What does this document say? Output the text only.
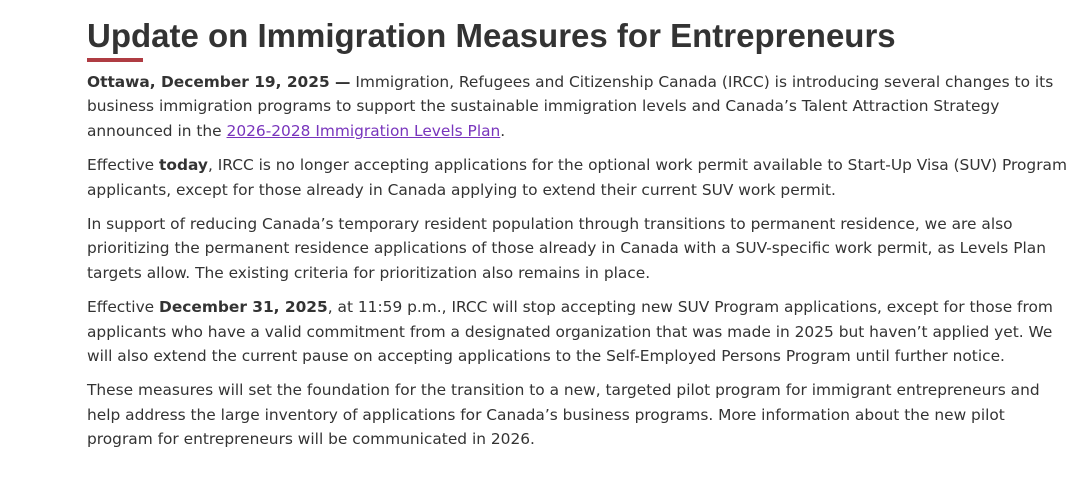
Update on Immigration Measures for Entrepreneurs

Ottawa, December 19, 2025 — Immigration, Refugees and Citizenship Canada (IRCC) is introducing several changes to its business immigration programs to support the sustainable immigration levels and Canada’s Talent Attraction Strategy announced in the 2026-2028 Immigration Levels Plan.

Effective today, IRCC is no longer accepting applications for the optional work permit available to Start-Up Visa (SUV) Program applicants, except for those already in Canada applying to extend their current SUV work permit.

In support of reducing Canada’s temporary resident population through transitions to permanent residence, we are also prioritizing the permanent residence applications of those already in Canada with a SUV-specific work permit, as Levels Plan targets allow. The existing criteria for prioritization also remains in place.

Effective December 31, 2025, at 11:59 p.m., IRCC will stop accepting new SUV Program applications, except for those from applicants who have a valid commitment from a designated organization that was made in 2025 but haven’t applied yet. We will also extend the current pause on accepting applications to the Self-Employed Persons Program until further notice.

These measures will set the foundation for the transition to a new, targeted pilot program for immigrant entrepreneurs and help address the large inventory of applications for Canada’s business programs. More information about the new pilot program for entrepreneurs will be communicated in 2026.
